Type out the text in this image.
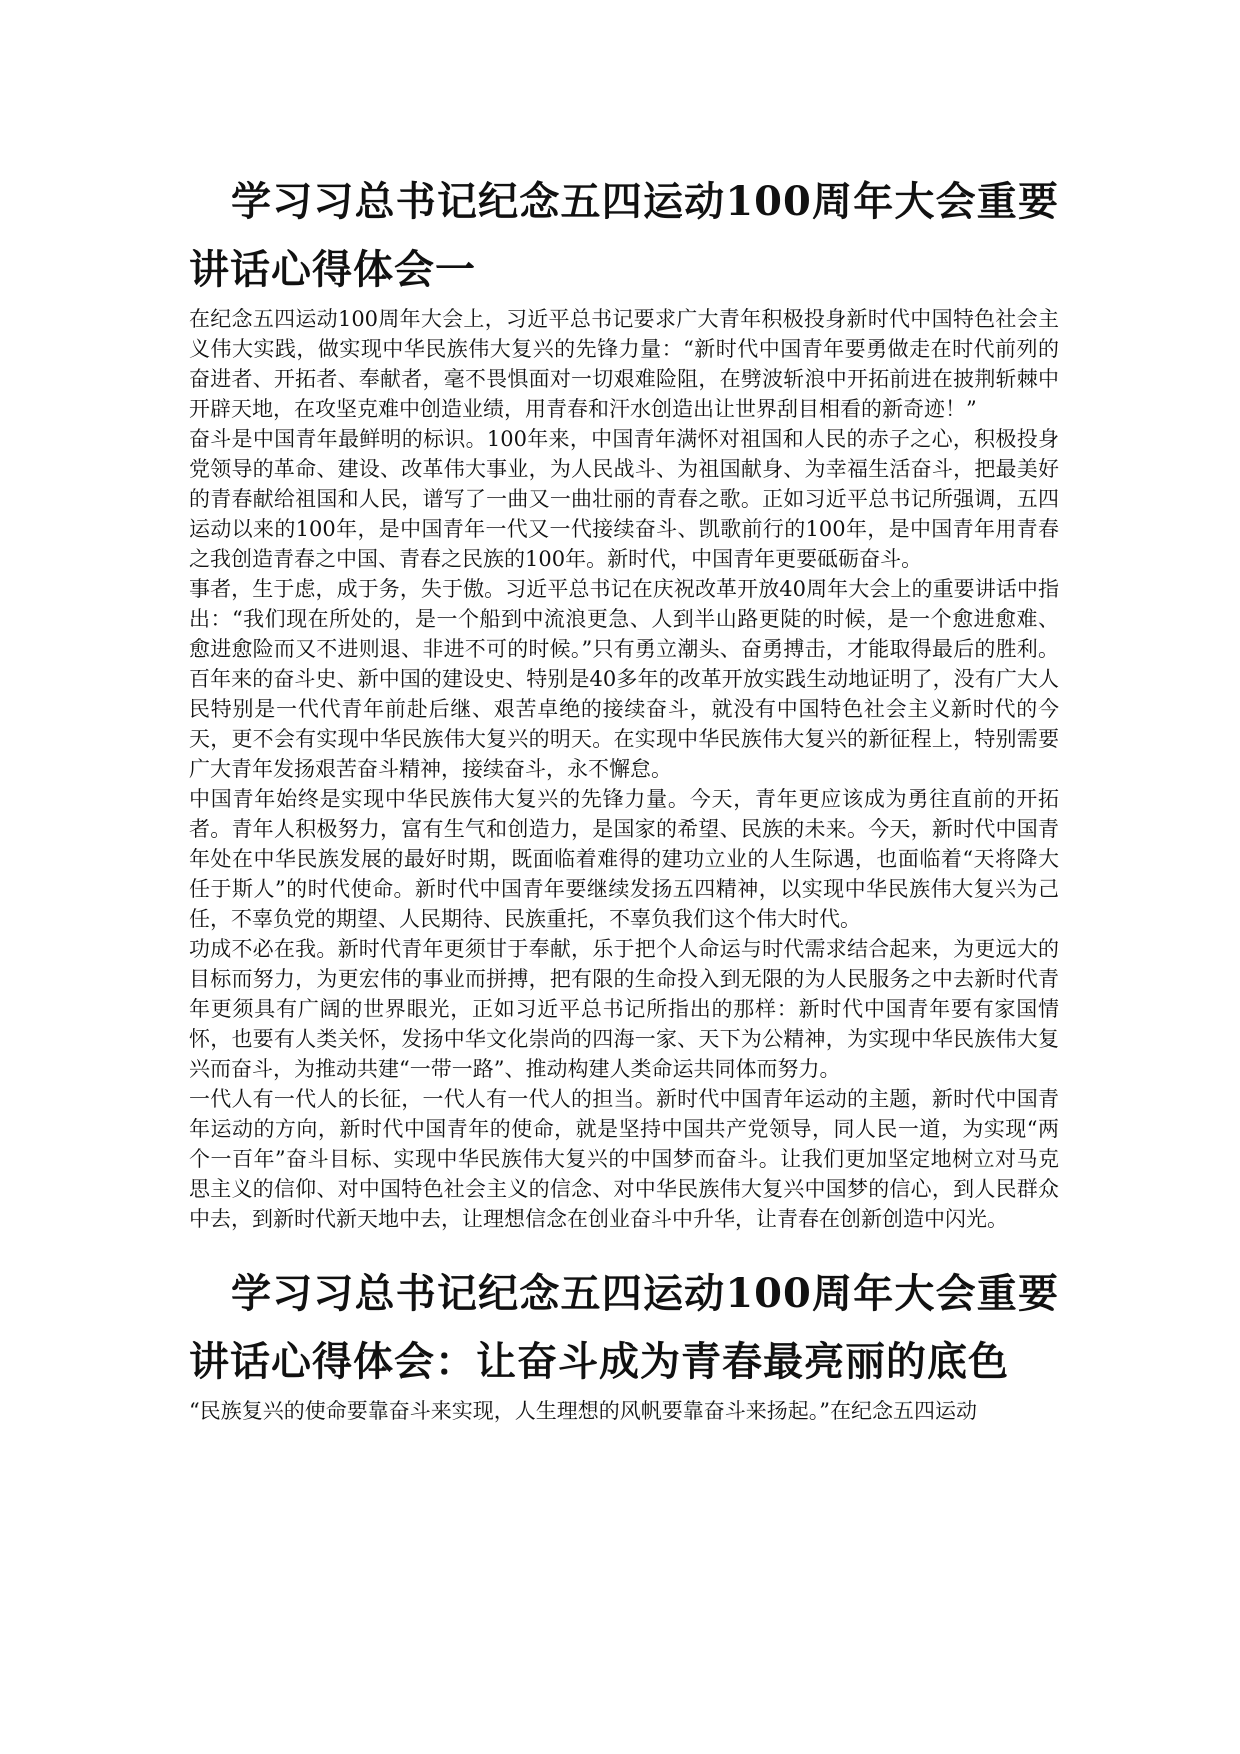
学习习总书记纪念五四运动100周年大会重要讲话心得体会一

在纪念五四运动100周年大会上，习近平总书记要求广大青年积极投身新时代中国特色社会主义伟大实践，做实现中华民族伟大复兴的先锋力量：“新时代中国青年要勇做走在时代前列的奋进者、开拓者、奉献者，毫不畏惧面对一切艰难险阻，在劈波斩浪中开拓前进在披荆斩棘中开辟天地，在攻坚克难中创造业绩，用青春和汗水创造出让世界刮目相看的新奇迹！”

奋斗是中国青年最鲜明的标识。100年来，中国青年满怀对祖国和人民的赤子之心，积极投身党领导的革命、建设、改革伟大事业，为人民战斗、为祖国献身、为幸福生活奋斗，把最美好的青春献给祖国和人民，谱写了一曲又一曲壮丽的青春之歌。正如习近平总书记所强调，五四运动以来的100年，是中国青年一代又一代接续奋斗、凯歌前行的100年，是中国青年用青春之我创造青春之中国、青春之民族的100年。新时代，中国青年更要砥砺奋斗。

事者，生于虑，成于务，失于傲。习近平总书记在庆祝改革开放40周年大会上的重要讲话中指出：“我们现在所处的，是一个船到中流浪更急、人到半山路更陡的时候，是一个愈进愈难、愈进愈险而又不进则退、非进不可的时候。”只有勇立潮头、奋勇搏击，才能取得最后的胜利。百年来的奋斗史、新中国的建设史、特别是40多年的改革开放实践生动地证明了，没有广大人民特别是一代代青年前赴后继、艰苦卓绝的接续奋斗，就没有中国特色社会主义新时代的今天，更不会有实现中华民族伟大复兴的明天。在实现中华民族伟大复兴的新征程上，特别需要广大青年发扬艰苦奋斗精神，接续奋斗，永不懈怠。

中国青年始终是实现中华民族伟大复兴的先锋力量。今天，青年更应该成为勇往直前的开拓者。青年人积极努力，富有生气和创造力，是国家的希望、民族的未来。今天，新时代中国青年处在中华民族发展的最好时期，既面临着难得的建功立业的人生际遇，也面临着“天将降大任于斯人”的时代使命。新时代中国青年要继续发扬五四精神，以实现中华民族伟大复兴为己任，不辜负党的期望、人民期待、民族重托，不辜负我们这个伟大时代。

功成不必在我。新时代青年更须甘于奉献，乐于把个人命运与时代需求结合起来，为更远大的目标而努力，为更宏伟的事业而拼搏，把有限的生命投入到无限的为人民服务之中去新时代青年更须具有广阔的世界眼光，正如习近平总书记所指出的那样：新时代中国青年要有家国情怀，也要有人类关怀，发扬中华文化崇尚的四海一家、天下为公精神，为实现中华民族伟大复兴而奋斗，为推动共建“一带一路”、推动构建人类命运共同体而努力。

一代人有一代人的长征，一代人有一代人的担当。新时代中国青年运动的主题，新时代中国青年运动的方向，新时代中国青年的使命，就是坚持中国共产党领导，同人民一道，为实现“两个一百年”奋斗目标、实现中华民族伟大复兴的中国梦而奋斗。让我们更加坚定地树立对马克思主义的信仰、对中国特色社会主义的信念、对中华民族伟大复兴中国梦的信心，到人民群众中去，到新时代新天地中去，让理想信念在创业奋斗中升华，让青春在创新创造中闪光。

学习习总书记纪念五四运动100周年大会重要讲话心得体会：让奋斗成为青春最亮丽的底色

“民族复兴的使命要靠奋斗来实现，人生理想的风帆要靠奋斗来扬起。”在纪念五四运动
